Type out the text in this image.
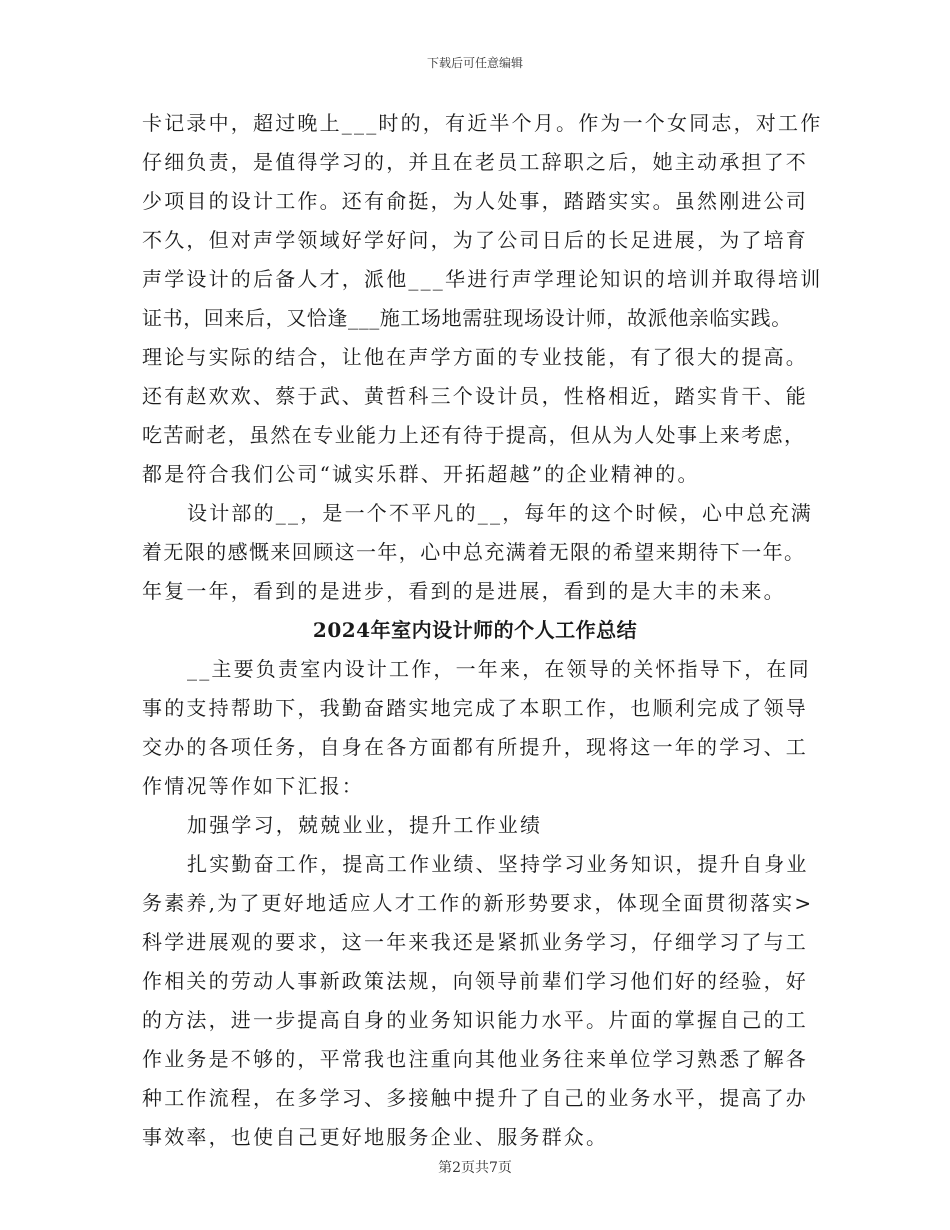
下载后可任意编辑
卡记录中，超过晚上___时的，有近半个月。作为一个女同志，对工作
仔细负责，是值得学习的，并且在老员工辞职之后，她主动承担了不
少项目的设计工作。还有俞挺，为人处事，踏踏实实。虽然刚进公司
不久，但对声学领域好学好问，为了公司日后的长足进展，为了培育
声学设计的后备人才，派他___华进行声学理论知识的培训并取得培训
证书，回来后，又恰逢___施工场地需驻现场设计师，故派他亲临实践。
理论与实际的结合，让他在声学方面的专业技能，有了很大的提高。
还有赵欢欢、蔡于武、黄哲科三个设计员，性格相近，踏实肯干、能
吃苦耐老，虽然在专业能力上还有待于提高，但从为人处事上来考虑，
都是符合我们公司“诚实乐群、开拓超越”的企业精神的。
设计部的__，是一个不平凡的__，每年的这个时候，心中总充满
着无限的感慨来回顾这一年，心中总充满着无限的希望来期待下一年。
年复一年，看到的是进步，看到的是进展，看到的是大丰的未来。
2024年室内设计师的个人工作总结
__主要负责室内设计工作，一年来，在领导的关怀指导下，在同
事的支持帮助下，我勤奋踏实地完成了本职工作，也顺利完成了领导
交办的各项任务，自身在各方面都有所提升，现将这一年的学习、工
作情况等作如下汇报：
加强学习，兢兢业业，提升工作业绩
扎实勤奋工作，提高工作业绩、坚持学习业务知识，提升自身业
务素养,为了更好地适应人才工作的新形势要求，体现全面贯彻落实>
科学进展观的要求，这一年来我还是紧抓业务学习，仔细学习了与工
作相关的劳动人事新政策法规，向领导前辈们学习他们好的经验，好
的方法，进一步提高自身的业务知识能力水平。片面的掌握自己的工
作业务是不够的，平常我也注重向其他业务往来单位学习熟悉了解各
种工作流程，在多学习、多接触中提升了自己的业务水平，提高了办
事效率，也使自己更好地服务企业、服务群众。
第2页共7页
